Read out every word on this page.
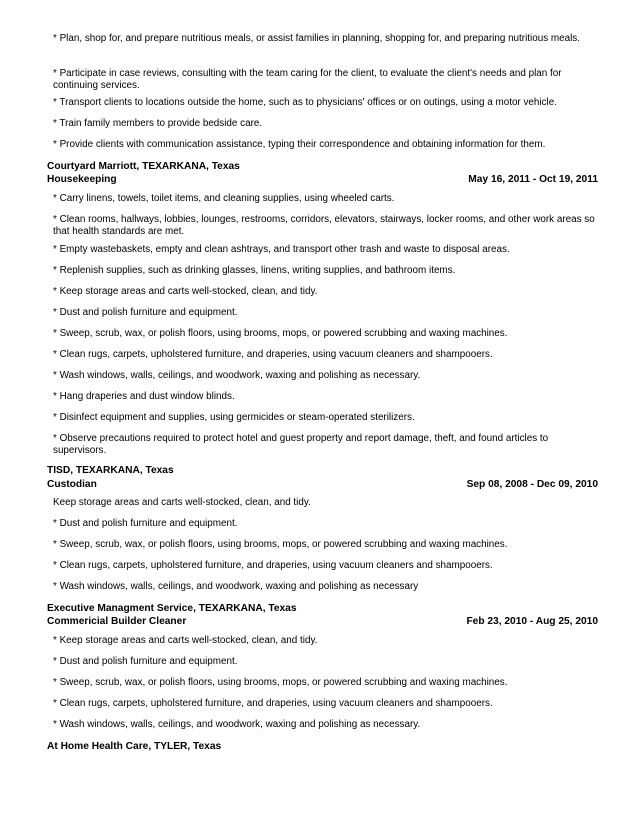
* Plan, shop for, and prepare nutritious meals, or assist families in planning, shopping for, and preparing nutritious meals.
* Participate in case reviews, consulting with the team caring for the client, to evaluate the client's needs and plan for continuing services.
* Transport clients to locations outside the home, such as to physicians' offices or on outings, using a motor vehicle.
* Train family members to provide bedside care.
* Provide clients with communication assistance, typing their correspondence and obtaining information for them.
Courtyard Marriott, TEXARKANA, Texas
Housekeeping	May 16, 2011 - Oct 19, 2011
* Carry linens, towels, toilet items, and cleaning supplies, using wheeled carts.
* Clean rooms, hallways, lobbies, lounges, restrooms, corridors, elevators, stairways, locker rooms, and other work areas so that health standards are met.
* Empty wastebaskets, empty and clean ashtrays, and transport other trash and waste to disposal areas.
* Replenish supplies, such as drinking glasses, linens, writing supplies, and bathroom items.
* Keep storage areas and carts well-stocked, clean, and tidy.
* Dust and polish furniture and equipment.
* Sweep, scrub, wax, or polish floors, using brooms, mops, or powered scrubbing and waxing machines.
* Clean rugs, carpets, upholstered furniture, and draperies, using vacuum cleaners and shampooers.
* Wash windows, walls, ceilings, and woodwork, waxing and polishing as necessary.
* Hang draperies and dust window blinds.
* Disinfect equipment and supplies, using germicides or steam-operated sterilizers.
* Observe precautions required to protect hotel and guest property and report damage, theft, and found articles to supervisors.
TISD, TEXARKANA, Texas
Custodian	Sep 08, 2008 - Dec 09, 2010
Keep storage areas and carts well-stocked, clean, and tidy.
* Dust and polish furniture and equipment.
* Sweep, scrub, wax, or polish floors, using brooms, mops, or powered scrubbing and waxing machines.
* Clean rugs, carpets, upholstered furniture, and draperies, using vacuum cleaners and shampooers.
* Wash windows, walls, ceilings, and woodwork, waxing and polishing as necessary
Executive Managment Service, TEXARKANA, Texas
Commericial Builder Cleaner	Feb 23, 2010 - Aug 25, 2010
* Keep storage areas and carts well-stocked, clean, and tidy.
* Dust and polish furniture and equipment.
* Sweep, scrub, wax, or polish floors, using brooms, mops, or powered scrubbing and waxing machines.
* Clean rugs, carpets, upholstered furniture, and draperies, using vacuum cleaners and shampooers.
* Wash windows, walls, ceilings, and woodwork, waxing and polishing as necessary.
At Home Health Care, TYLER, Texas
